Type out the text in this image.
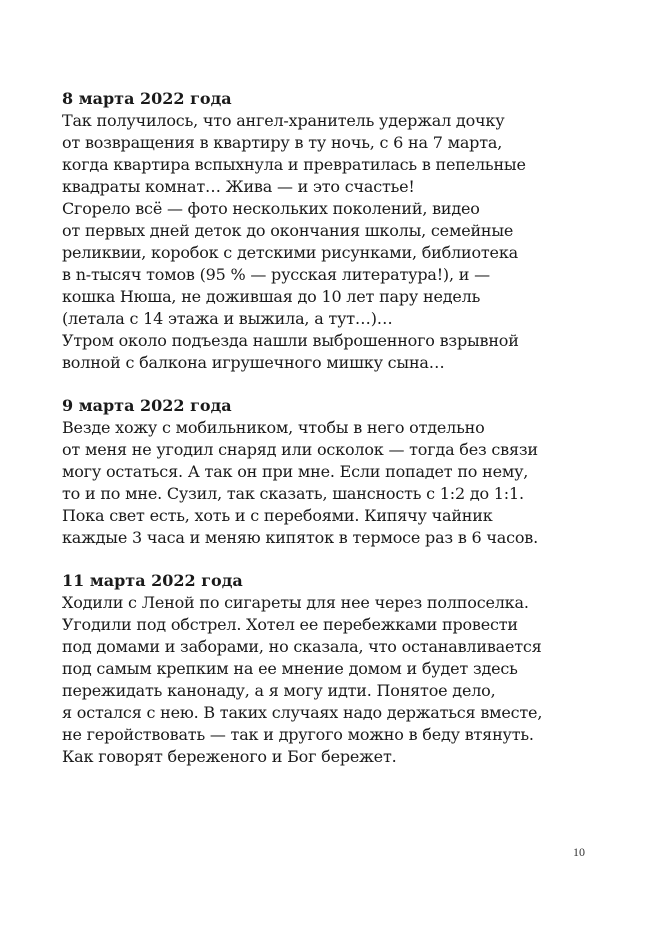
8 марта 2022 года

Так получилось, что ангел-хранитель удержал дочку

от возвращения в квартиру в ту ночь, с 6 на 7 марта,

когда квартира вспыхнула и превратилась в пепельные

квадраты комнат… Жива — и это счастье!

Сгорело всё — фото нескольких поколений, видео

от первых дней деток до окончания школы, семейные

реликвии, коробок с детскими рисунками, библиотека

в n-тысяч томов (95 % — русская литература!), и —

кошка Нюша, не дожившая до 10 лет пару недель

(летала с 14 этажа и выжила, а тут…)…

Утром около подъезда нашли выброшенного взрывной

волной с балкона игрушечного мишку сына…

9 марта 2022 года

Везде хожу с мобильником, чтобы в него отдельно

от меня не угодил снаряд или осколок — тогда без связи

могу остаться. А так он при мне. Если попадет по нему,

то и по мне. Сузил, так сказать, шансность с 1:2 до 1:1.

Пока свет есть, хоть и с перебоями. Кипячу чайник

каждые 3 часа и меняю кипяток в термосе раз в 6 часов.

11 марта 2022 года

Ходили с Леной по сигареты для нее через полпоселка.

Угодили под обстрел. Хотел ее перебежками провести

под домами и заборами, но сказала, что останавливается

под самым крепким на ее мнение домом и будет здесь

пережидать канонаду, а я могу идти. Понятое дело,

я остался с нею. В таких случаях надо держаться вместе,

не геройствовать — так и другого можно в беду втянуть.

Как говорят береженого и Бог бережет.

10
